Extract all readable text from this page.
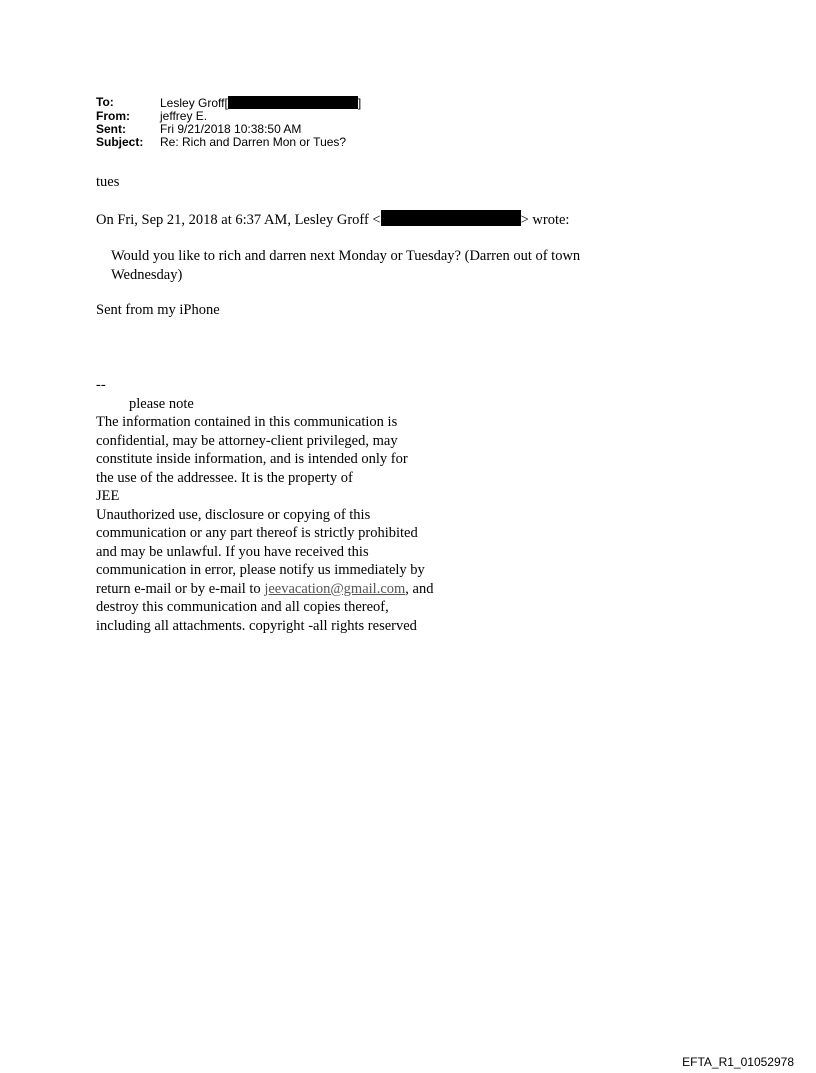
To:	Lesley Groff[ ]
From:	jeffrey E.
Sent:	Fri 9/21/2018 10:38:50 AM
Subject:	Re: Rich and Darren Mon or Tues?
tues
On Fri, Sep 21, 2018 at 6:37 AM, Lesley Groff <	> wrote:
Would you like to rich and darren next Monday or Tuesday? (Darren out of town
Wednesday)
Sent from my iPhone
--
please note
The information contained in this communication is
confidential, may be attorney-client privileged, may
constitute inside information, and is intended only for
the use of the addressee. It is the property of
JEE
Unauthorized use, disclosure or copying of this
communication or any part thereof is strictly prohibited
and may be unlawful. If you have received this
communication in error, please notify us immediately by
return e-mail or by e-mail to jeevacation@gmail.com, and
destroy this communication and all copies thereof,
including all attachments. copyright -all rights reserved
EFTA_R1_01052978
